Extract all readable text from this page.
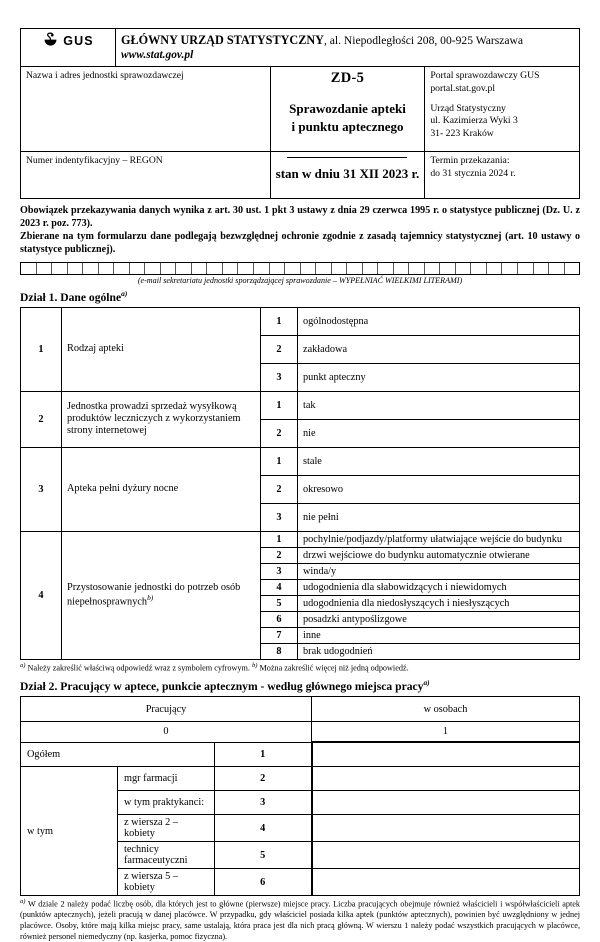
GUS	GŁÓWNY URZĄD STATYSTYCZNY, al. Niepodległości 208, 00-925 Warszawa
www.stat.gov.pl		

Nazwa i adres jednostki sprawozdawczej	ZD-5
Sprawozdanie apteki
i punktu aptecznego

Portal sprawozdawczy GUS
portal.stat.gov.pl

Urząd Statystyczny
ul. Kazimierza Wyki 3
31- 223 Kraków

Numer indentyfikacyjny – REGON		stan w dniu 31 XII 2023 r.	Termin przekazania:
do 31 stycznia 2024 r.

Obowiązek przekazywania danych wynika z art. 30 ust. 1 pkt 3 ustawy z dnia 29 czerwca 1995 r. o statystyce publicznej (Dz. U. z 2023 r. poz. 773).

Zbierane na tym formularzu dane podlegają bezwzględnej ochronie zgodnie z zasadą tajemnicy statystycznej (art. 10 ustawy o statystyce publicznej).

(e-mail sekretariatu jednostki sporządzającej sprawozdanie – WYPEŁNIAĆ WIELKIMI LITERAMI)
Dział 1. Dane ogólne$^{a)}$
1	Rodzaj apteki	1	ogólnodostępna
		2	zakładowa
		3	punkt apteczny
2	Jednostka prowadzi sprzedaż wysyłkową produktów leczniczych z wykorzystaniem strony internetowej	1	tak
		2	nie
3	Apteka pełni dyżury nocne	1	stale
		2	okresowo
		3	nie pełni
4	Przystosowanie jednostki do potrzeb osób niepełnosprawnych$^{b)}$	1	pochylnie/podjazdy/platformy ułatwiające wejście do budynku
		2	drzwi wejściowe do budynku automatycznie otwierane
		3	winda/y
		4	udogodnienia dla słabowidzących i niewidomych
		5	udogodnienia dla niedosłyszących i niesłyszących
		6	posadzki antypoślizgowe
		7	inne
		8	brak udogodnień
$^{a)}$ Należy zakreślić właściwą odpowiedź wraz z symbolem cyfrowym. $^{b)}$ Można zakreślić więcej niż jedną odpowiedź.
Dział 2. Pracujący w aptece, punkcie aptecznym - według głównego miejsca pracy$^{a)}$
Pracujący			w osobach
0			1
Ogółem		1	
w tym	mgr farmacji	2	
	w tym praktykanci:	3	
	z wiersza 2 – kobiety	4	
	technicy farmaceutyczni	5	
	z wiersza 5 – kobiety	6	
$^{a)}$ W dziale 2 należy podać liczbę osób, dla których jest to główne (pierwsze) miejsce pracy. Liczba pracujących obejmuje również właścicieli i współwłaścicieli aptek (punktów aptecznych), jeżeli pracują w danej placówce. W przypadku, gdy właściciel posiada kilka aptek (punktów aptecznych), powinien być uwzględniony w jednej placówce. Osoby, które mają kilka miejsc pracy, same ustalają, która praca jest dla nich pracą główną. W wierszu 1 należy podać wszystkich pracujących w placówce, również personel niemedyczny (np. kasjerka, pomoc fizyczna).
